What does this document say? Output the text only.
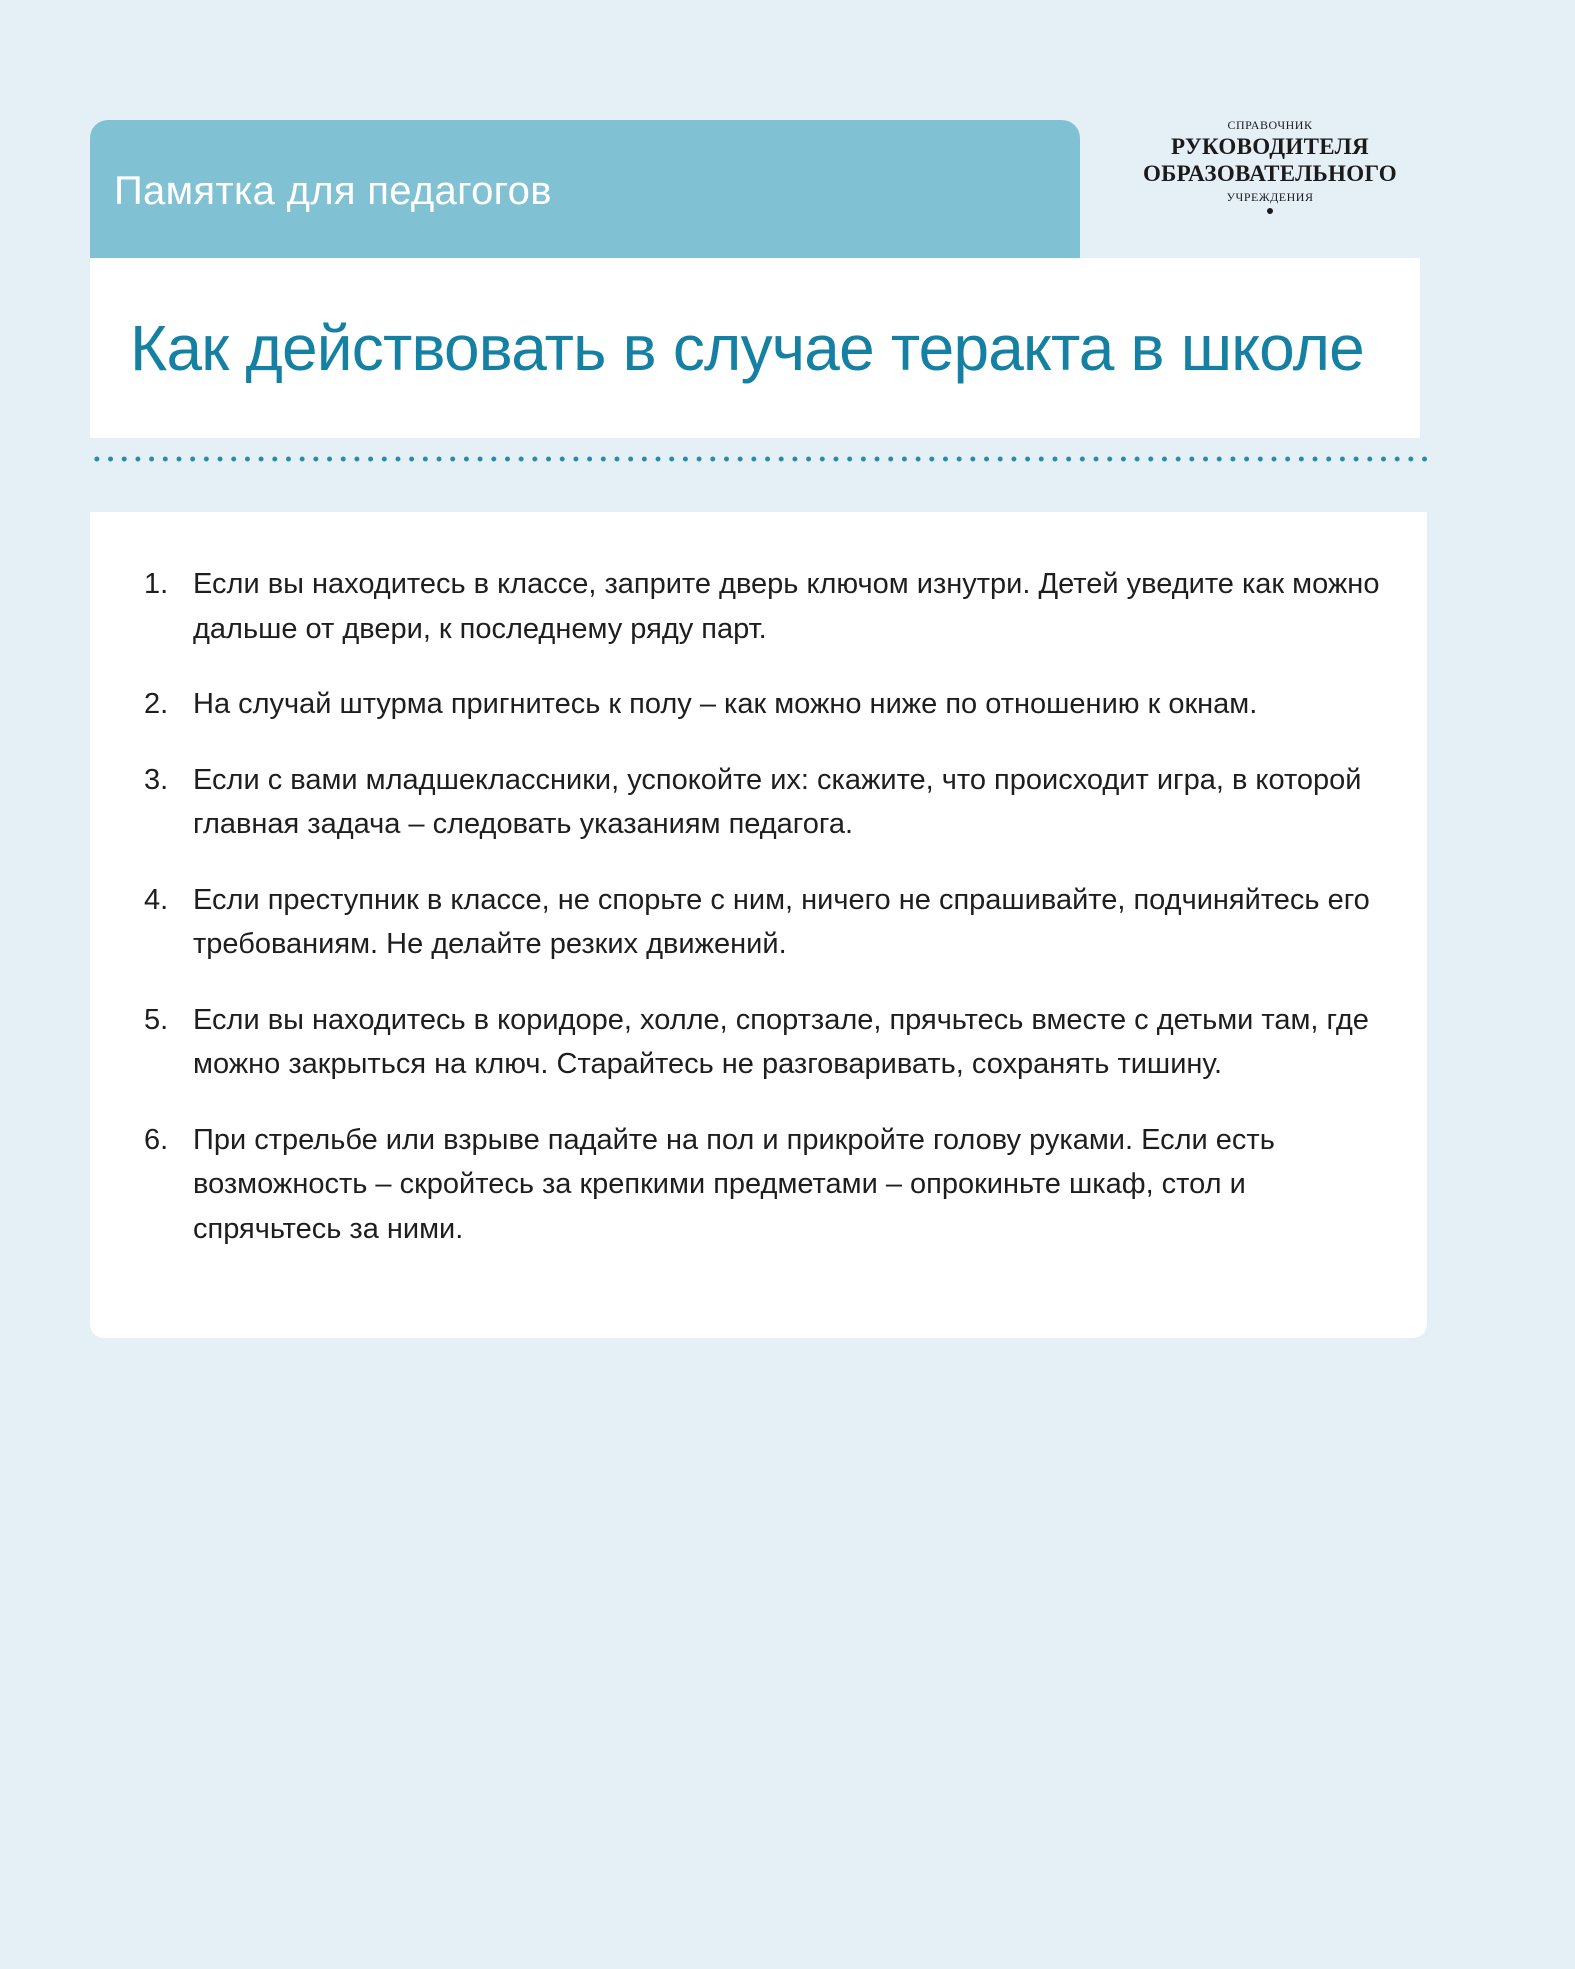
Памятка для педагогов
СПРАВОЧНИК
РУКОВОДИТЕЛЯ
ОБРАЗОВАТЕЛЬНОГО
УЧРЕЖДЕНИЯ
Как действовать в случае теракта в школе
1. Если вы находитесь в классе, заприте дверь ключом изнутри. Детей уведите как можно дальше от двери, к последнему ряду парт.
2. На случай штурма пригнитесь к полу – как можно ниже по отношению к окнам.
3. Если с вами младшеклассники, успокойте их: скажите, что происходит игра, в которой главная задача – следовать указаниям педагога.
4. Если преступник в классе, не спорьте с ним, ничего не спрашивайте, подчиняйтесь его требованиям. Не делайте резких движений.
5. Если вы находитесь в коридоре, холле, спортзале, прячьтесь вместе с детьми там, где можно закрыться на ключ. Старайтесь не разговаривать, сохранять тишину.
6. При стрельбе или взрыве падайте на пол и прикройте голову руками. Если есть возможность – скройтесь за крепкими предметами – опрокиньте шкаф, стол и спрячьтесь за ними.
